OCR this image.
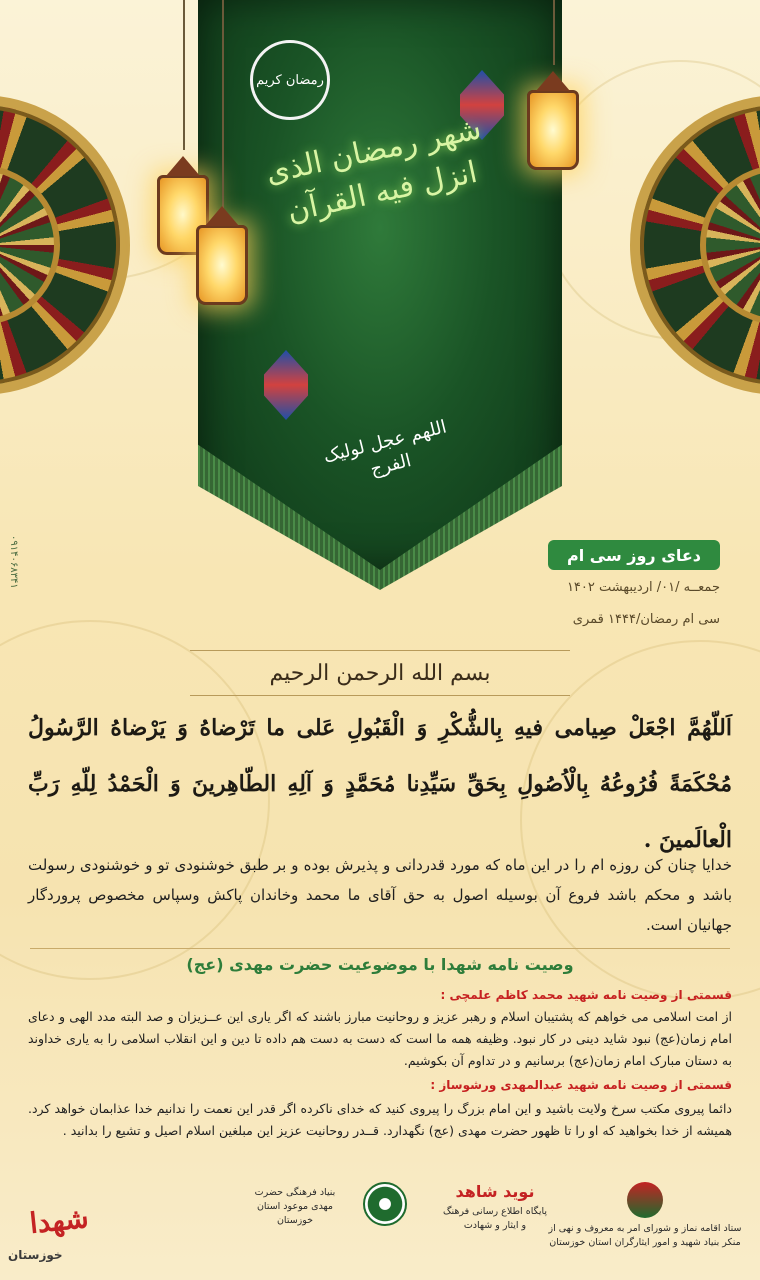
رمضان کریم
شهر رمضان الذی انزل فیه القرآن
اللهم عجل لولیک الفرج
۰۹۱۴۰۶۸۳۴۱	دعای روز سی ام
جمعــه /۰۱/ اردیبهشت ۱۴۰۲
سی ام رمضان/۱۴۴۴ قمری
بسم الله الرحمن الرحیم
اَللّهُمَّ اجْعَلْ صِیامی فیهِ بِالشُّکْرِ وَ الْقَبُولِ عَلی ما تَرْضاهُ وَ یَرْضاهُ الرَّسُولُ مُحْکَمَةً فُرُوعُهُ بِالْاُصُولِ بِحَقِّ سَیِّدِنا مُحَمَّدٍ وَ آلِهِ الطّاهِرینَ وَ الْحَمْدُ لِلّهِ رَبِّ الْعالَمینَ .
خدایا چنان کن روزه ام را در این ماه که مورد قدردانی و پذیرش بوده و بر طبق خوشنودی تو و خوشنودی رسولت باشد و محکم باشد فروع آن بوسیله اصول به حق آقای ما محمد وخاندان پاکش وسپاس مخصوص پروردگار جهانیان است.
وصیت نامه شهدا با موضوعیت حضرت مهدی (عج)
قسمتی از وصیت نامه شهید محمد کاظم علمچی :
از امت اسلامی می خواهم که پشتیبان اسلام و رهبر عزیز و روحانیت مبارز باشند که اگر یاری این عــزیزان و صد البته مدد الهی و دعای امام زمان(عج) نبود شاید دینی در کار نبود. وظیفه همه ما است که دست به دست هم داده تا دین و این انقلاب اسلامی را به یاری خداوند به دستان مبارک امام زمان(عج) برسانیم و در تداوم آن بکوشیم.
قسمتی از وصیت نامه شهید عبدالمهدی ورشوساز :
دائما پیروی مکتب سرخ ولایت باشید و این امام بزرگ را پیروی کنید که خدای ناکرده اگر قدر این نعمت را ندانیم خدا عذابمان خواهد کرد. همیشه از خدا بخواهید که او را تا ظهور حضرت مهدی (عج) نگهدارد. قــدر روحانیت عزیز این مبلغین اسلام اصیل و تشیع را بدانید .
بنیاد فرهنگی حضرت مهدی موعود استان خوزستان
نوید شاهد
پایگاه اطلاع رسانی فرهنگ و ایثار و شهادت	ستاد اقامه نماز و شورای امر به معروف و نهی از منکر بنیاد شهید و امور ایثارگران استان خوزستان
شهدا
خوزستان
